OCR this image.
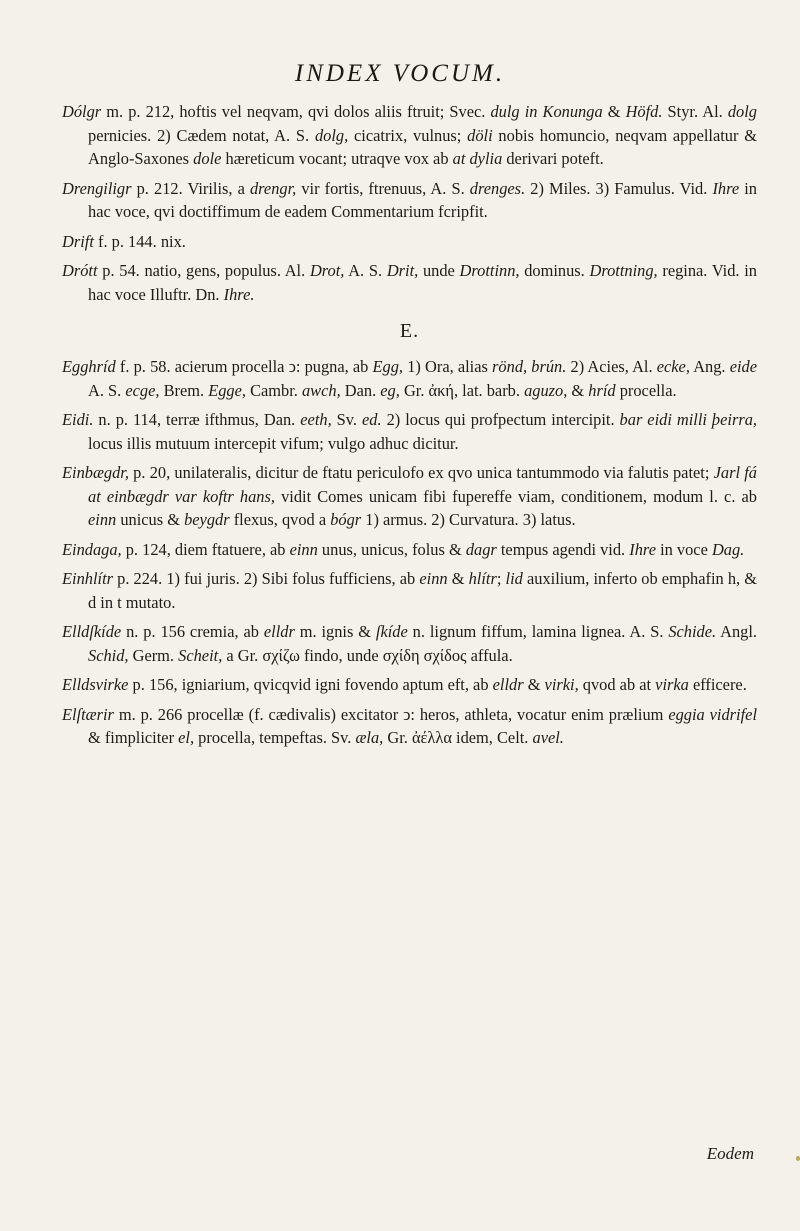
INDEX VOCUM.

Dólgr m. p. 212, hoftis vel neqvam, qvi dolos aliis ftruit; Svec. dulg in Konunga & Höfd. Styr. Al. dolg pernicies. 2) Cædem notat, A. S. dolg, cicatrix, vulnus; döli nobis homuncio, neqvam appellatur & Anglo-Saxones dole hæreticum vocant; utraqve vox ab at dylia derivari poteft.

Drengiligr p. 212. Virilis, a drengr, vir fortis, ftrenuus, A. S. drenges. 2) Miles. 3) Famulus. Vid. Ihre in hac voce, qvi doctiffimum de eadem Commentarium fcripfit.

Drift f. p. 144. nix.

Drótt p. 54. natio, gens, populus. Al. Drot, A. S. Drit, unde Drottinn, dominus. Drottning, regina. Vid. in hac voce Illuftr. Dn. Ihre.

E.

Egghríd f. p. 58. acierum procella ↄ: pugna, ab Egg, 1) Ora, alias rönd, brún. 2) Acies, Al. ecke, Ang. eide A. S. ecge, Brem. Egge, Cambr. awch, Dan. eg, Gr. ἀκή, lat. barb. aguzo, & hríd procella.

Eidi. n. p. 114, terræ ifthmus, Dan. eeth, Sv. ed. 2) locus qui profpectum intercipit. bar eidi milli þeirra, locus illis mutuum intercepit vifum; vulgo adhuc dicitur.

Einbægdr, p. 20, unilateralis, dicitur de ftatu periculofo ex qvo unica tantummodo via falutis patet; Jarl fá at einbægdr var koftr hans, vidit Comes unicam fibi fupereffe viam, conditionem, modum l. c. ab einn unicus & beygdr flexus, qvod a bógr 1) armus. 2) Curvatura. 3) latus.

Eindaga, p. 124, diem ftatuere, ab einn unus, unicus, folus & dagr tempus agendi vid. Ihre in voce Dag.

Einhlítr p. 224. 1) fui juris. 2) Sibi folus fufficiens, ab einn & hlítr; lid auxilium, inferto ob emphafin h, & d in t mutato.

Elldſkíde n. p. 156 cremia, ab elldr m. ignis & ſkíde n. lignum fiffum, lamina lignea. A. S. Schide. Angl. Schid, Germ. Scheit, a Gr. σχίζω findo, unde σχίδη σχίδος affula.

Elldsvirke p. 156, igniarium, qvicqvid igni fovendo aptum eft, ab elldr & virki, qvod ab at virka efficere.

Elſtærir m. p. 266 procellæ (f. cædivalis) excitator ↄ: heros, athleta, vocatur enim prælium eggia vidrifel & fimpliciter el, procella, tempeftas. Sv. æla, Gr. ἀέλλα idem, Celt. avel.

Eodem
